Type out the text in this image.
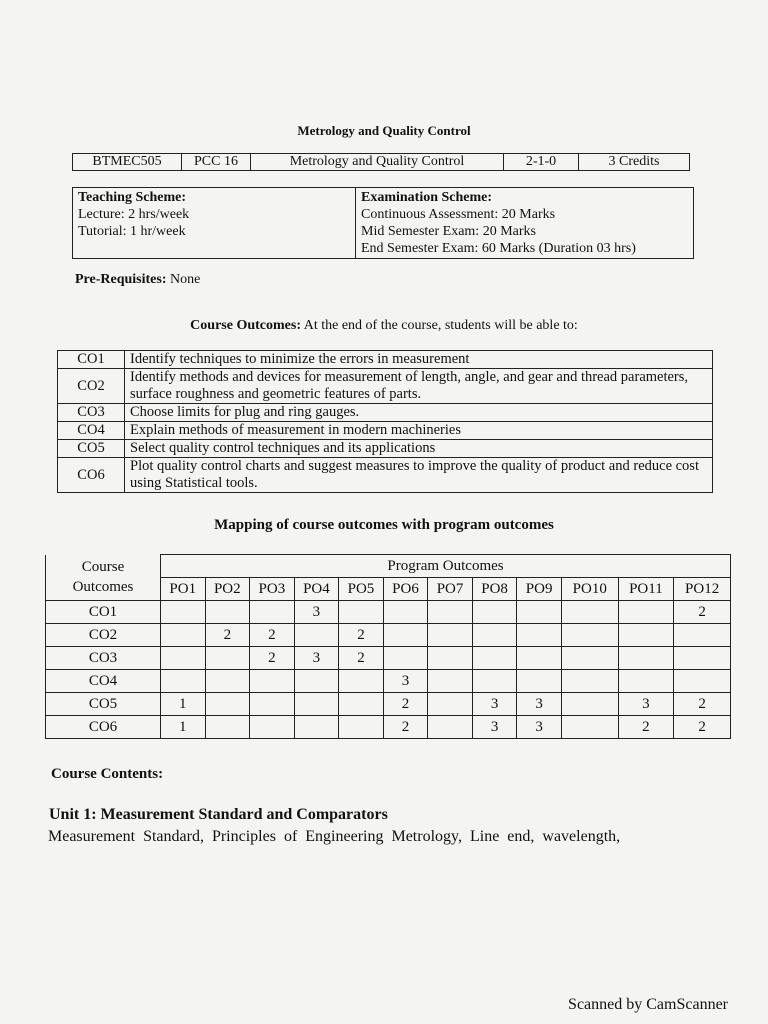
Metrology and Quality Control
BTMEC505	PCC 16	Metrology and Quality Control	2-1-0	3 Credits
Teaching Scheme:
Lecture: 2 hrs/week
Tutorial: 1 hr/week

Examination Scheme:
Continuous Assessment: 20 Marks
Mid Semester Exam: 20 Marks
End Semester Exam: 60 Marks (Duration 03 hrs)
Pre-Requisites: None
Course Outcomes: At the end of the course, students will be able to:
CO1	Identify techniques to minimize the errors in measurement
CO2	Identify methods and devices for measurement of length, angle, and gear and thread parameters, surface roughness and geometric features of parts.
CO3	Choose limits for plug and ring gauges.
CO4	Explain methods of measurement in modern machineries
CO5	Select quality control techniques and its applications
CO6	Plot quality control charts and suggest measures to improve the quality of product and reduce cost using Statistical tools.
Mapping of course outcomes with program outcomes
Course
Outcomes	Program Outcomes											
	PO1	PO2	PO3	PO4	PO5	PO6	PO7	PO8	PO9	PO10	PO11	PO12
CO1				3								2
CO2		2	2		2							
CO3			2	3	2							
CO4						3						
CO5	1					2		3	3		3	2
CO6	1					2		3	3		2	2
Course Contents:
Unit 1: Measurement Standard and Comparators
Measurement Standard, Principles of Engineering Metrology, Line end, wavelength,
Scanned by CamScanner
